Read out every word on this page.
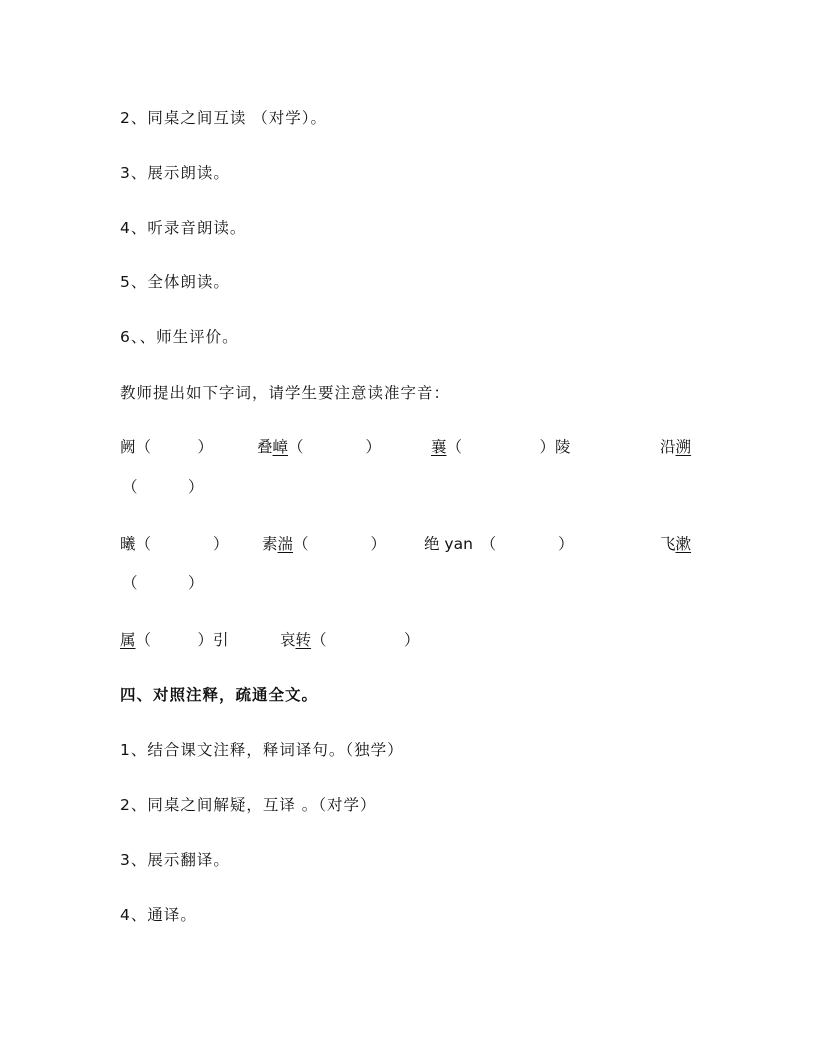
2、同桌之间互读 （对学）。
3、展示朗读。
4、听录音朗读。
5、全体朗读。
6、、师生评价。
教师提出如下字词，请学生要注意读准字音：
阙（　　　）	叠嶂（　　　　）	襄（　　　　　）陵	沿溯
（　　　）
曦（　　　　） 素湍（　　　　） 绝 yan　（　　　　）	飞漱
（　　　）
属（　　　）引	哀转（　　　　　）
四、对照注释，疏通全文。
1、结合课文注释，释词译句。（独学）
2、同桌之间解疑，互译 。（对学）
3、展示翻译。
4、通译。
